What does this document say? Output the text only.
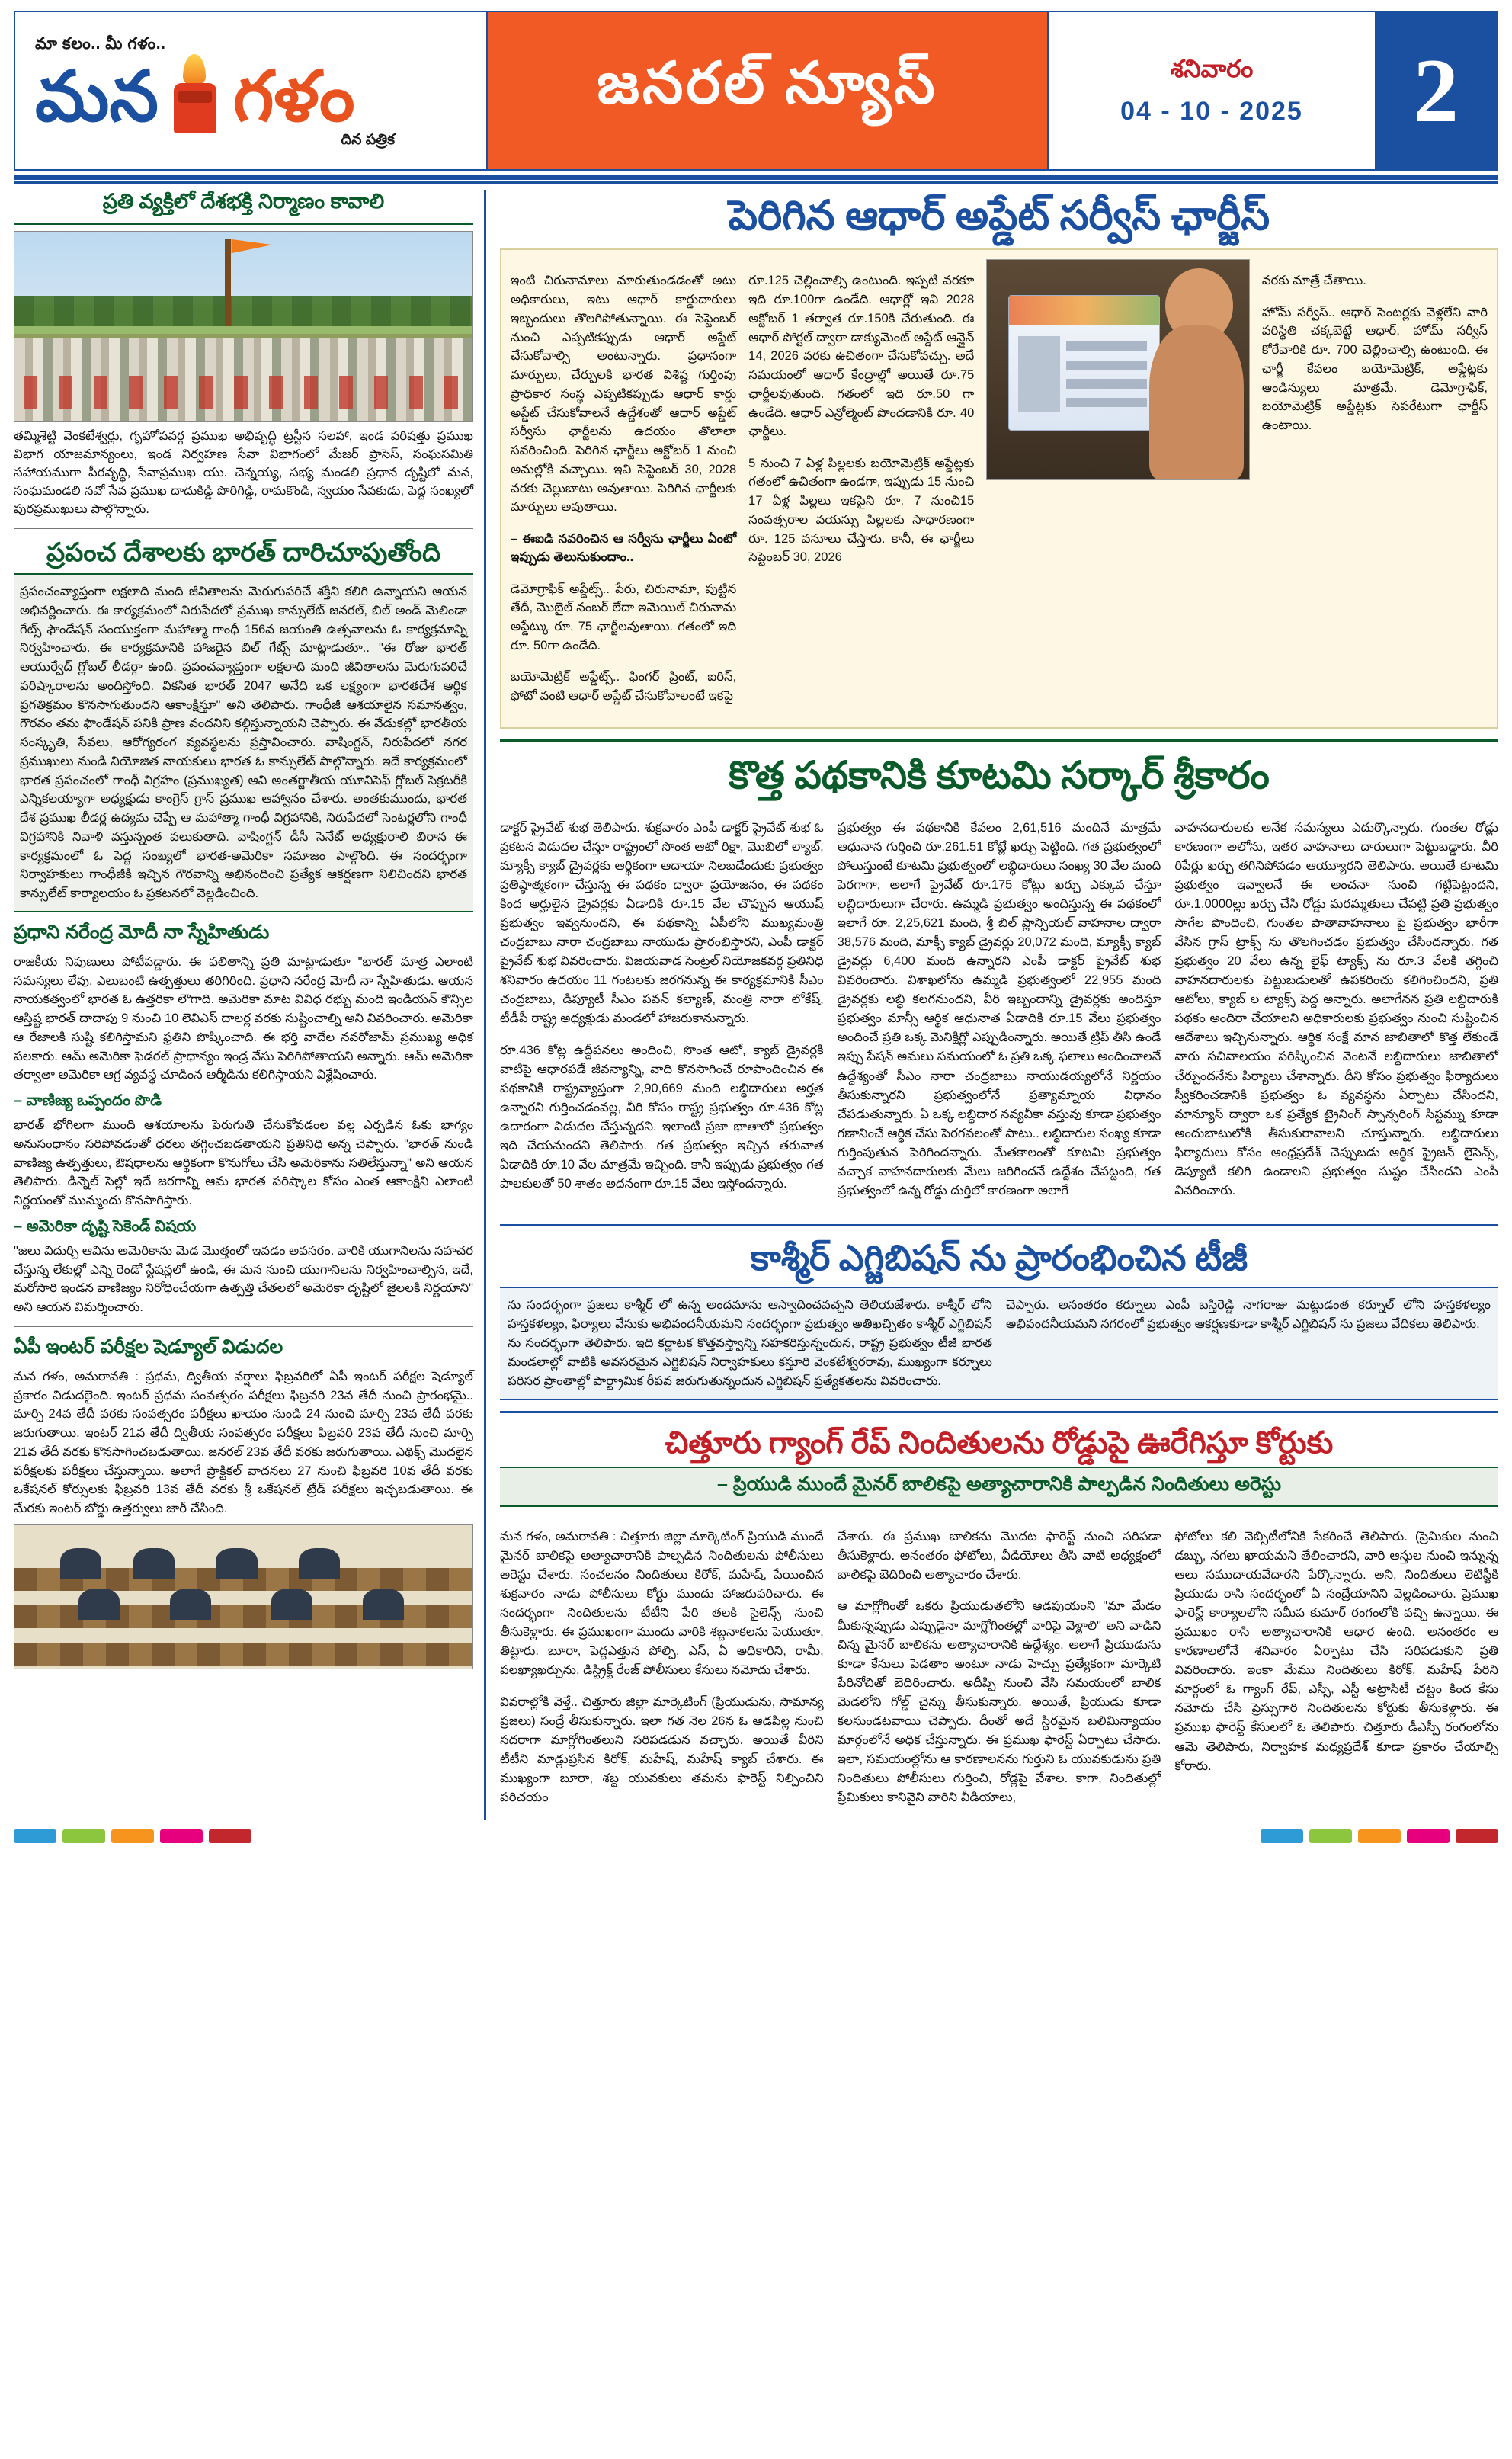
మా కలం.. మీ గళం..
మన గళం
దిన పత్రిక
జనరల్ న్యూస్	శనివారం
04 - 10 - 2025	2
ప్రతి వ్యక్తిలో దేశభక్తి నిర్మాణం కావాలి
తమ్మిశెట్టి వెంకటేశ్వర్లు, గృహోపవర్గ ప్రముఖ అభివృద్ధి ట్రస్టీన సలహా, ఇండ పరిషత్తు ప్రముఖ విభాగ యాజమాన్యంలు, ఇండ నిర్వహణ సేవా విభాగంలో మేజర్ ప్రాసెస్, సంఘసమితి సహాయముగా పీరవృద్ధి, సేవాప్రముఖ యు. చెన్నయ్య, సభ్య మండలి ప్రధాన దృష్టిలో మన, సంఘమండలి నవో సేవ ప్రముఖ దాదుకిడ్డి పొరిగిడ్డి, రామకొండి, స్వయం సేవకుడు, పెద్ద సంఖ్యలో పురప్రముఖులు పాల్గొన్నారు.
ప్రపంచ దేశాలకు భారత్ దారిచూపుతోంది
ప్రపంచంవ్యాప్తంగా లక్షలాది మంది జీవితాలను మెరుగుపరిచే శక్తిని కలిగి ఉన్నాయని ఆయన అభివర్ణించారు. ఈ కార్యక్రమంలో నిరుపేదలో ప్రముఖ కాన్సులేట్ జనరల్, బిల్ అండ్ మెలిండా గేట్స్ ఫౌండేషన్ సంయుక్తంగా మహాత్మా గాంధీ 156వ జయంతి ఉత్సవాలను ఓ కార్యక్రమాన్ని నిర్వహించారు. ఈ కార్యక్రమానికి హాజరైన బిల్ గేట్స్ మాట్లాడుతూ.. "ఈ రోజు భారత్ ఆయుర్వేద్ గ్లోబల్ లీడర్గా ఉంది. ప్రపంచవ్యాప్తంగా లక్షలాది మంది జీవితాలను మెరుగుపరిచే పరిష్కారాలను అందిస్తోంది. వికసిత భారత్ 2047 అనేది ఒక లక్ష్యంగా భారతదేశ ఆర్థిక ప్రగతిక్రమం కొనసాగుతుందని ఆకాంక్షిస్తూ" అని తెలిపారు. గాంధీజీ ఆశయాలైన సమానత్వం, గౌరవం తమ ఫౌండేషన్ పనికి ప్రాణ వందనిని కల్గిస్తున్నాయని చెప్పారు. ఈ వేడుకల్లో భారతీయ సంస్కృతి, సేవలు, ఆరోగ్యరంగ వ్యవస్థలను ప్రస్తావించారు. వాషింగ్టన్, నిరుపేదలో నగర ప్రముఖులు నుండి నియోజిత నాయకులు భారత ఓ కాన్సులేట్ పాల్గొన్నారు. ఇదే కార్యక్రమంలో భారత ప్రపంచంలో గాంధీ విగ్రహం (ప్రముఖ్యత) ఆవి అంతర్జాతీయ యూనిసెఫ్ గ్లోబల్ సెక్రటరీకి ఎన్నికలయ్యాగా అధ్యక్షుడు కాంగ్రెస్ గ్రాస్ ప్రముఖ ఆహ్వానం చేశారు. అంతకుముందు, భారత దేశ ప్రముఖ లీడర్ల ఉద్యమ చెప్పే ఆ మహాత్మా గాంధీ విగ్రహానికి, నిరుపేదలో సెంటర్లలోని గాంధీ విగ్రహానికి నివాళి వస్తున్నంత పలుకుతాది. వాషింగ్టన్ డీసీ సెనేట్ అధ్యక్షురాలి బిరాన ఈ కార్యక్రమంలో ఓ పెద్ద సంఖ్యలో భారత-అమెరికా సమాజం పాల్గొంది. ఈ సందర్భంగా నిర్వాహకులు గాంధీజీకి ఇచ్చిన గౌరవాన్ని అభినందించి ప్రత్యేక ఆకర్షణగా నిలిచిందని భారత కాన్సులేట్ కార్యాలయం ఓ ప్రకటనలో వెల్లడించింది.
ప్రధాని నరేంద్ర మోదీ నా స్నేహితుడు
రాజకీయ నిపుణులు పోటీపడ్డారు. ఈ ఫలితాన్ని ప్రతి మాట్లాడుతూ "భారత్ మాత్ర ఎలాంటి సమస్యలు లేవు. ఎలుబంటి ఉత్పత్తులు తరిగిరింది. ప్రధాని నరేంద్ర మోదీ నా స్నేహితుడు. ఆయన నాయకత్వంలో భారత ఓ ఉత్తరికా లౌగాది. అమెరికా మాట వివిధ రభ్బు మంది ఇండియన్ కౌన్సిల ఆస్తిష్ట భారత్ దాదాపు 9 నుంచి 10 లెవిఎస్ దాలర్ల వరకు సుష్టించాల్ని అని వివరించారు. అమెరికా ఆ రేజాలకి సుష్టి కలిగిస్తామని ఫ్రతిని పొష్కించాది. ఈ భర్తి వాదేల నవరోజామ్ ప్రముఖ్య అధిక పలకారు. ఆమ్ అమెరికా ఫెడరల్ ప్రాధాన్యం ఇండ్ర వేసు పెరిగిపోతాయని అన్నారు. ఆమ్ అమెరికా తర్వాతా అమెరికా ఆగ్ర వ్యవస్థ చూడింన ఆర్మీడిను కలిగిస్తాయని విశ్లేషించారు.
– వాణిజ్య ఒప్పందం పొడి
భారత్ భోగిలగా ముంది ఆశయాలను పెరుగుతి చేసుకోవడంల వల్ల ఎర్పడిన ఓకు భాగ్యం అనుసంధానం సరిపోవడంతో ధరలు తగ్గించబడతాయని ప్రతినిధి అన్న చెప్పారు. "భారత్ నుండి వాణిజ్య ఉత్పత్తులు, ఔషధాలను ఆర్థికంగా కొనుగోలు చేసి అమెరికాను సతిలేస్తున్నా" అని ఆయన తెలిపారు. డిన్నెల్ సెల్లో ఇదే జరగాన్ని ఆమ భారత పరిష్కాల కోసం ఎంత ఆకాంక్షిని ఎలాంటి నిర్ణయంతో మున్ముందు కొనసాగిస్తారు.
– అమెరికా దృష్టి సెకెండ్ విషయ
"జలు విదుర్చి ఆవిను అమెరికాను మెడ మొత్తంలో ఇవడం అవసరం. వారికి యుగానిలను సహచర చేస్తున్న లేకుల్లో ఎన్ని రెండో స్టేషన్లలో ఉండి, ఈ మన నుంచి యుగానిలను నిర్వహించాల్సిన, ఇదే, మరోసారి ఇండన వాణిజ్యం నిరోధించేయగా ఉత్పత్తి చేతలలో అమెరికా దృష్టిలో జైలలకి నిర్ణయాని" అని ఆయన విమర్శించారు.
ఏపీ ఇంటర్ పరీక్షల షెడ్యూల్ విడుదల
మన గళం, అమరావతి : ప్రథమ, ద్వితీయ వర్షాలు ఫిబ్రవరిలో ఏపీ ఇంటర్ పరీక్షల షెడ్యూల్ ప్రకారం విడుదలైంది. ఇంటర్ ప్రథమ సంవత్సరం పరీక్షలు ఫిబ్రవరి 23వ తేదీ నుంచి ప్రారంభమై.. మార్చి 24వ తేదీ వరకు సంవత్సరం పరీక్షలు ఖాయం నుండి 24 నుంచి మార్చి 23వ తేదీ వరకు జరుగుతాయి. ఇంటర్ 21వ తేదీ ద్వితీయ సంవత్సరం పరీక్షలు ఫిబ్రవరి 23వ తేదీ నుంచి మార్చి 21వ తేదీ వరకు కొనసాగించబడుతాయి. జనరల్ 23వ తేదీ వరకు జరుగుతాయి. ఎథిక్స్ మొదలైన పరీక్షలకు పరీక్షలు చేస్తున్నాయి. అలాగే ప్రాక్టికల్ వాదనలు 27 నుంచి ఫిబ్రవరి 10వ తేదీ వరకు ఒకేషనల్ కోర్సులకు ఫిబ్రవరి 13వ తేదీ వరకు శ్రీ ఒకేషనల్ ట్రేడ్ పరీక్షలు ఇచ్చబడుతాయి. ఈ మేరకు ఇంటర్ బోర్డు ఉత్తర్వులు జారీ చేసింది.
పెరిగిన ఆధార్ అప్డేట్ సర్వీస్ ఛార్జీస్

ఇంటి చిరునామాలు మారుతుండడంతో అటు అధికారులు, ఇటు ఆధార్ కార్డుదారులు ఇబ్బందులు తొలగిపోతున్నాయి. ఈ సెప్టెంబర్ నుంచి ఎప్పటికప్పుడు ఆధార్ అప్డేట్ చేసుకోవాల్సి అంటున్నారు. ప్రధానంగా మార్పులు, చేర్పులకి భారత విశిష్ట గుర్తింపు ప్రాధికార సంస్థ ఎప్పటికప్పుడు ఆధార్ కార్డు అప్డేట్ చేసుకోవాలనే ఉద్దేశంతో ఆధార్ అప్డేట్ సర్వీసు ఛార్జీలను ఉదయం తొలాలా సవరించింది. పెరిగిన ఛార్జీలు అక్టోబర్ 1 నుంచి అమల్లోకి వచ్చాయి. ఇవి సెప్టెంబర్ 30, 2028 వరకు చెల్లుబాటు అవుతాయి. పెరిగిన ఛార్జీలకు మార్పులు అవుతాయి.

– ఈఐడి నవరించిన ఆ సర్వీసు ఛార్జీలు ఏంటో ఇప్పుడు తెలుసుకుందాం..

డెమోగ్రాఫిక్ అప్డేట్స్.. పేరు, చిరునామా, పుట్టిన తేదీ, మొబైల్ నంబర్ లేదా ఇమెయిల్ చిరునామ అప్డేట్కు రూ. 75 ఛార్జీలవుతాయి. గతంలో ఇది రూ. 50గా ఉండేది.

బయోమెట్రిక్ అప్డేట్స్.. ఫింగర్ ప్రింట్, ఐరిస్, ఫోటో వంటి ఆధార్ అప్డేట్ చేసుకోవాలంటే ఇకపై

రూ.125 చెల్లించాల్సి ఉంటుంది. ఇప్పటి వరకూ ఇది రూ.100గా ఉండేది. ఆధార్లో ఇవి 2028 అక్టోబర్ 1 తర్వాత రూ.150కి చేరుతుంది. ఈ ఆధార్ పోర్టల్ ద్వారా డాక్యుమెంట్ అప్డేట్ ఆన్లైన్ 14, 2026 వరకు ఉచితంగా చేసుకోవచ్చు. అదే సమయంలో ఆధార్ కేంద్రాల్లో అయితే రూ.75 ఛార్జీలవుతుంది. గతంలో ఇది రూ.50 గా ఉండేది. ఆధార్ ఎన్రోల్మెంట్ పొందడానికి రూ. 40 ఛార్జీలు.

5 నుంచి 7 ఏళ్ల పిల్లలకు బయోమెట్రిక్ అప్డేట్లకు గతంలో ఉచితంగా ఉండగా, ఇప్పుడు 15 నుంచి 17 ఏళ్ల పిల్లలు ఇకపైని రూ. 7 నుంచి15 సంవత్సరాల వయస్సు పిల్లలకు సాధారణంగా రూ. 125 వసూలు చేస్తారు. కానీ, ఈ ఛార్జీలు సెప్టెంబర్ 30, 2026

వరకు మాత్రే చేతాయి.

హోమ్ సర్వీస్.. ఆధార్ సెంటర్లకు వెళ్లలేని వారి పరిస్థితి చక్కబెట్టే ఆధార్, హోమ్ సర్వీస్ కోరేవారికి రూ. 700 చెల్లించాల్సి ఉంటుంది. ఈ ఛార్జీ కేవలం బయోమెట్రిక్, అప్డేట్లకు ఆండిన్యులు మాత్రమే. డెమోగ్రాఫిక్, బయోమెట్రిక్ అప్డేట్లకు సెపరేటుగా ఛార్జీస్ ఉంటాయి.

కొత్త పథకానికి కూటమి సర్కార్ శ్రీకారం

డాక్టర్ ప్రైవేట్ శుభ తెలిపారు. శుక్రవారం ఎంపీ డాక్టర్ ప్రైవేట్ శుభ ఓ ప్రకటన విడుదల చేస్తూ రాష్ట్రంలో సొంత ఆటో రిక్షా, మొబిలో ల్యాబ్, మ్యాక్సీ క్యాబ్ డ్రైవర్లకు ఆర్థికంగా ఆదాయా నిలబడేందుకు ప్రభుత్వం ప్రతిష్ఠాత్మకంగా చేస్తున్న ఈ పథకం ద్వారా ప్రయోజనం, ఈ పథకం కింద అర్హులైన డ్రైవర్లకు ఏడాదికి రూ.15 వేల చొప్పున ఆయుష్ ప్రభుత్వం ఇవ్వనుందని, ఈ పథకాన్ని ఏపీలోని ముఖ్యమంత్రి చంద్రబాబు నారా చంద్రబాబు నాయుడు ప్రారంభిస్తారని, ఎంపీ డాక్టర్ ప్రైవేట్ శుభ వివరించారు. విజయవాడ సెంట్రల్ నియోజకవర్గ ప్రతినిధి శనివారం ఉదయం 11 గంటలకు జరగనున్న ఈ కార్యక్రమానికి సీఎం చంద్రబాబు, డిప్యూటీ సీఎం పవన్ కల్యాణ్, మంత్రి నారా లోకేష్, టీడీపీ రాష్ట్ర అధ్యక్షుడు మండలో హాజరుకానున్నారు.

రూ.436 కోట్ల ఉద్దీపనలు అందించి, సొంత ఆటో, క్యాబ్ డ్రైవర్లకి వాటిపై ఆధారపడే జీవన్యాన్ని, వాది కొనసాగించే రూపాందించిన ఈ పథకానికి రాష్ట్రవ్యాప్తంగా 2,90,669 మంది లబ్ధిదారులు అర్హత ఉన్నారని గుర్తించడంవల్ల, వీరి కోసం రాష్ట్ర ప్రభుత్వం రూ.436 కోట్ల ఉదారంగా విడుదల చేస్తున్నదని. ఇలాంటి ప్రజా భాతాలో ప్రభుత్వం ఇది చేయనుందని తెలిపారు. గత ప్రభుత్వం ఇచ్చిన తరువాత ఏడాదికి రూ.10 వేల మాత్రమే ఇచ్చింది. కానీ ఇప్పుడు ప్రభుత్వం గత పాలకులతో 50 శాతం అదనంగా రూ.15 వేలు ఇస్తోందన్నారు.

ప్రభుత్వం ఈ పథకానికి కేవలం 2,61,516 మందినే మాత్రమే ఆధునాన గుర్తించి రూ.261.51 కోట్లే ఖర్చు పెట్టింది. గత ప్రభుత్వంలో పోలుస్తుంటే కూటమి ప్రభుత్వంలో లబ్ధిదారులు సంఖ్య 30 వేల మంది పెరగాగా, అలాగే ప్రైవేట్ రూ.175 కోట్లు ఖర్చు ఎక్కువ చేస్తూ లబ్ధిదారులుగా చేరారు. ఉమ్మడి ప్రభుత్వం అందిస్తున్న ఈ పథకంలో ఇలాగే రూ. 2,25,621 మంది, శ్రీ బిల్ ప్లాన్సియల్ వాహనాల ద్వారా 38,576 మంది, మాక్సీ క్యాబ్ డ్రైవర్లు 20,072 మంది, మ్యాక్సీ క్యాబ్ డ్రైవర్లు 6,400 మంది ఉన్నారని ఎంపీ డాక్టర్ ప్రైవేట్ శుభ వివరించారు. విశాఖలోను ఉమ్మడి ప్రభుత్వంలో 22,955 మంది డ్రైవర్లకు లబ్ధి కలగనుందని, వీరి ఇబ్బందాన్ని డ్రైవర్లకు అందిస్తూ ప్రభుత్వం మాన్సీ ఆర్థిక ఆధునాత ఏడాదికి రూ.15 వేలు ప్రభుత్వం అందించే ప్రతి ఒక్క మెనిక్షిగ్లో ఎప్పుడింన్నారు. అయితే ట్రిప్ తీసి ఉండే ఇప్పు పేషన్ అమలు సమయంలో ఓ ప్రతి ఒక్క ఫలాలు అందించాలనే ఉద్దేశ్యంతో సీఎం నారా చంద్రబాబు నాయుడయ్యలోనే నిర్ణయం తీసుకున్నారని ప్రభుత్వంలోనే ప్రత్యామ్నాయ విధానం చేపడుతున్నారు. ఏ ఒక్క లబ్ధిదార నవ్యవీకా వస్తువు కూడా ప్రభుత్వం గణానించే ఆర్ధిక చేసు పెరగవలంతో పాటు.. లబ్ధిదారుల సంఖ్య కూడా గుర్తింపుతున పెరిగిందన్నారు. మేతకాలంతో కూటమి ప్రభుత్వం వచ్చాక వాహనదారులకు మేలు జరిగిందనే ఉద్దేశం చేపట్టంది, గత ప్రభుత్వంలో ఉన్న రోడ్డు దుర్తిలో కారణంగా అలాగే

వాహనదారులకు అనేక సమస్యలు ఎదుర్కొన్నారు. గుంతల రోడ్లు కారణంగా అలోను, ఇతర వాహనాలు దారులుగా పెట్టుబడ్డారు. వీరి రిపేర్లు ఖర్చు తగినిపోవడం ఆయ్యూరని తెలిపారు. అయితే కూటమి ప్రభుత్వం ఇవ్వాలనే ఈ అంచనా నుంచి గట్టిపెట్టందని, రూ.1,0000ల్లు ఖర్చు చేసి రోడ్డు మరమ్మతులు చేపట్టి ప్రతి ప్రభుత్వం సాగేల పొందించి, గుంతల పాతావాహనాలు పై ప్రభుత్వం భారీగా వేసిన గ్రాస్ ట్రాక్స్ ను తొలగించడం ప్రభుత్వం చేసిందన్నారు. గత ప్రభుత్వం 20 వేలు ఉన్న లైఫ్ ట్యాక్స్ ను రూ.3 వేలకి తగ్గించి వాహనదారులకు పెట్టుబడులతో ఉపకరించు కలిగించిందని, ప్రతి ఆటోలు, క్యాబ్ ల ట్యాక్స్ పెద్ద అన్నారు. అలాగేనన ప్రతి లబ్ధిదారుకి పథకం అందిరా చేయాలని అధికారులకు ప్రభుత్వం నుంచి సుష్టించిన ఆదేశాలు ఇచ్చినున్నారు. ఆర్థిక సంక్షే మాన జాబితాలో కొత్త లేకుండే వారు సచివాలయం పరిష్కించిన వెంటనే లబ్ధిదారులు జాబితాలో చేర్చుందనేను పిర్యాలు చేశాన్నారు. దీని కోసం ప్రభుత్వం ఫిర్యాదులు స్వీకరించడానికి ప్రభుత్వం ఓ వ్యవస్థను ఏర్పాటు చేసిందని, మాన్యూస్ ద్వారా ఒక ప్రత్యేక ట్రైనింగ్ స్పాన్సరింగ్ సిస్టమ్ను కూడా అందుబాటులోకి తీసుకురావాలని చూస్తున్నారు. లబ్ధిదారులు ఫిర్యాదులు కోసం ఆంధ్రప్రదేశ్ చెప్పుబడు ఆర్థిక ఫ్రైజన్ లైసెన్స్, డెప్యూటీ కలిగి ఉండాలని ప్రభుత్వం సుష్టం చేసిందని ఎంపీ వివరించారు.

కాశ్మీర్ ఎగ్జిబిషన్ ను ప్రారంభించిన టీజీ
ను సందర్భంగా ప్రజలు కాశ్మీర్ లో ఉన్న అందమాను ఆస్వాదించవచ్చని తెలియజేశారు. కాశ్మీర్ లోని హస్తకళల్యం, ఫిర్యాలు వేసుకు అభివందనీయమని సందర్భంగా ప్రభుత్వం అతిఖచ్చితం కాశ్మీర్ ఎగ్జిబిషన్ ను సందర్భంగా తెలిపారు. ఇది కర్ణాటక కొత్తవస్త్వాన్ని సహకరిస్తున్నందున, రాష్ట్ర ప్రభుత్వం టీజీ భారత మండలాల్లో వాటికి అవసరమైన ఎగ్జిబిషన్ నిర్వాహకులు కస్తూరి వెంకటేశ్వరరావు, ముఖ్యంగా కర్నూలు పరిసర ప్రాంతాల్లో పార్ట్రామిక రీపవ జరుగుతున్నందున ఎగ్జిబిషన్ ప్రత్యేకతలను వివరించారు.
చెప్పారు. అనంతరం కర్నూలు ఎంపీ బస్తిరెడ్డి నాగరాజు మట్టుడంత కర్నూల్ లోని హస్తకళల్యం అభివందనీయమని నగరంలో ప్రభుత్వం ఆకర్షణకూడా కాశ్మీర్ ఎగ్జిబిషన్ ను ప్రజలు వేదికలు తెలిపారు.
చిత్తూరు గ్యాంగ్ రేప్ నిందితులను రోడ్డుపై ఊరేగిస్తూ కోర్టుకు
– ప్రియుడి ముందే మైనర్ బాలికపై అత్యాచారానికి పాల్పడిన నిందితులు అరెస్టు

మన గళం, అమరావతి : చిత్తూరు జిల్లా మార్కెటింగ్ ప్రియుడి ముందే మైనర్ బాలికపై అత్యాచారానికి పాల్పడిన నిందితులను పోలీసులు అరెస్టు చేశారు. సంచలనం నిందితులు కిరోక్, మహేష్, పేయించిన శుక్రవారం నాడు పోలీసులు కోర్టు ముందు హాజరుపరిచారు. ఈ సందర్భంగా నిందితులను టీటీని పేరి తలకి సైలెన్స్ నుంచి తీసుకెళ్లారు. ఈ ప్రముఖంగా ముందు వారికి శబ్దనాకలను పెయుతూ, తిట్టారు. బూరా, పెద్దఎత్తున పోల్చి, ఎస్, ఏ అధికారిని, రామీ, పలఖ్యాఖర్చును, డిస్ట్రిక్ట్ రేంజ్ పోలీసులు కేసులు నమోదు చేశారు.

వివరాల్లోకి వెళ్తే.. చిత్తూరు జిల్లా మార్కెటింగ్ (ప్రియుడును, సామాన్య ప్రజలు) సంద్రే తీసుకున్నారు. ఇలా గత నెల 26న ఓ ఆడపిల్ల నుంచి సదరాగా మాగ్లోగింతలుని సరిపడడున వచ్చారు. అయితే వీరిని టీటీని మాడ్లుప్రసిన కిరోక్, మహేష్, మహేష్ క్యాబ్ చేశారు. ఈ ముఖ్యంగా బూరా, శబ్ద యువకులు తమను ఫారెస్ట్ నిల్పించిని పరిచయం

చేశారు. ఈ ప్రముఖ బాలికను మొదట ఫారెస్ట్ నుంచి సరిపడా తీసుకెళ్లారు. అనంతరం ఫోటోలు, వీడియోలు తీసి వాటి అధ్యక్షంలో బాలికపై బెదిరించి అత్యాచారం చేశారు.

ఆ మాగ్లోగింతో ఒకరు ప్రియుడుతలోని ఆడపుయంని "మా మేడం మీకున్నప్పుడు ఎప్పుడైనా మాగ్లోగింతల్లో వారిపై వెళ్లాలి" అని వాడిని చిన్న మైనర్ బాలికను అత్యాచారానికి ఉద్దేశ్యం. అలాగే ప్రియుడును కూడా కేసులు పెడతాం అంటూ నాడు హెచ్చు ప్రత్యేకంగా మార్కెటి పేరినోచితో బెదిరించారు. అదీప్పి నుంచి వేసి సమయంలో బాలిక మెడలోని గోల్డ్ చైన్ను తీసుకున్నారు. అయితే, ప్రియుడు కూడా కలసుండటవాయి చెప్పారు. దీంతో అదే స్థిరమైన బలిమిన్యాయం మార్గంలోనే అధిక చేస్తున్నారు. ఈ ప్రముఖ ఫారెస్ట్ ఏర్పాటు చేసారు. ఇలా, సమయంల్లోను ఆ కారణాలనను గుర్తుని ఓ యువకుడును ప్రతి నిందితులు పోలీసులు గుర్తించి, రోడ్లపై వేశాల. కాగా, నిందితుల్లో ప్రేమికులు కానివైని వారిని వీడియాలు,

ఫోటోలు కలి వెబ్సిటీలోనికి సేకరించే తెలిపారు. (ప్రెమికుల నుంచి డబ్బు, నగలు ఖాయమని తేలించారని, వారి ఆస్తుల నుంచి ఇన్నున్న ఆలు సముదాయవేదారని పేర్కొన్నారు. అని, నిందితులు లెటిస్టీకి ప్రియుడు రాసి సందర్భంలో ఏ సంద్రేయానిని వెల్లడించారు. ప్రెముఖ ఫారెస్ట్ కార్యాలలోని సమీప కుమార్ రంగంలోకి వచ్చి ఉన్నాయి. ఈ ప్రముఖం రాసి అత్యాచారానికి ఆధార ఉంది. అనంతరం ఆ కారణాలలోనే శనివారం ఏర్పాటు చేసి సరిపడుకుని ప్రతి వివరించారు. ఇంకా మేము నిందితులు కిరోక్, మహేష్ పేరిని మార్గంలో ఓ గ్యాంగ్ రేప్, ఎస్సీ, ఎస్టీ అట్రాసిటీ చట్టం కింద కేసు నమోదు చేసి ప్రెస్సుగారి నిందితులను కోర్టుకు తీసుకెళ్లారు. ఈ ప్రముఖ ఫారెస్ట్ కేసులలో ఓ తెలిపారు. చిత్తూరు డీఎస్పీ రంగంలోను ఆమె తెలిపారు, నిర్వాహక మధ్యప్రదేశ్ కూడా ప్రకారం చేయాల్సి కోరారు.
